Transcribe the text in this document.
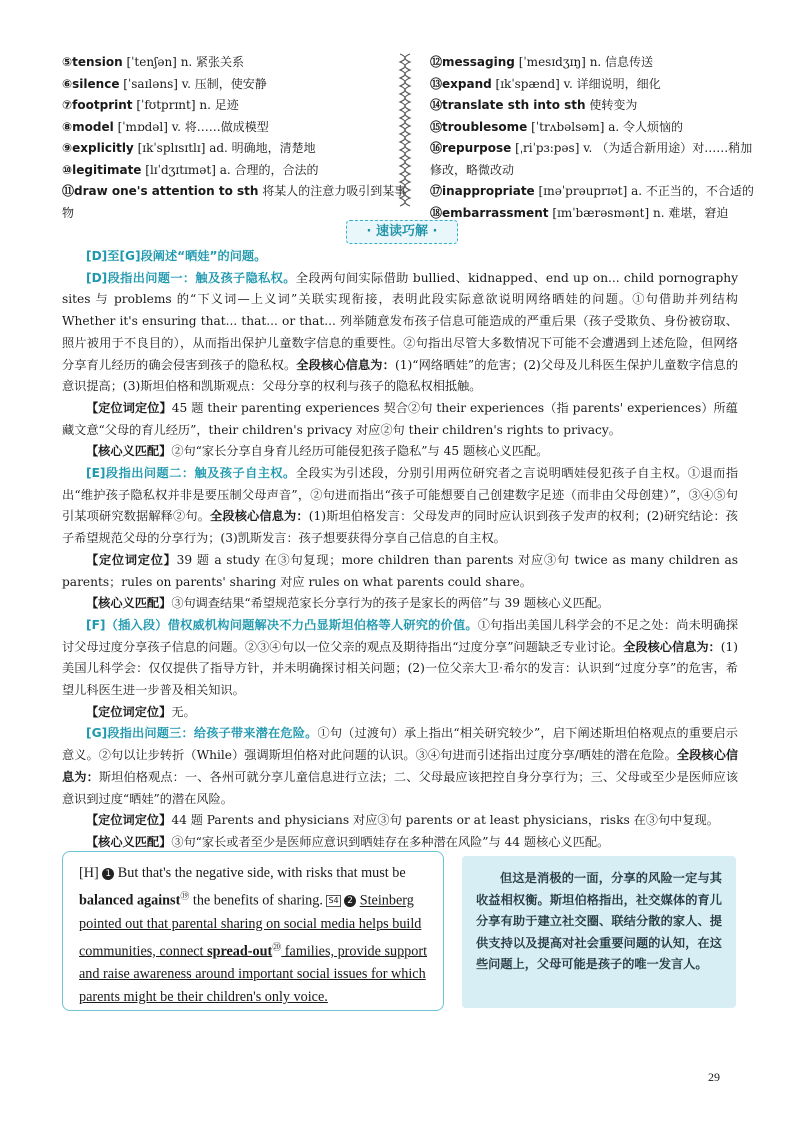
⑤tension [ˈtenʃən] n. 紧张关系
⑥silence [ˈsaɪləns] v. 压制，使安静
⑦footprint [ˈfʊtprɪnt] n. 足迹
⑧model [ˈmɒdəl] v. 将……做成模型
⑨explicitly [ɪkˈsplɪsɪtlɪ] ad. 明确地，清楚地
⑩legitimate [lɪˈdʒɪtɪmət] a. 合理的，合法的
⑪draw one's attention to sth 将某人的注意力吸引到某事物
⑫messaging [ˈmesɪdʒɪŋ] n. 信息传送
⑬expand [ɪkˈspænd] v. 详细说明，细化
⑭translate sth into sth 使转变为
⑮troublesome [ˈtrʌbəlsəm] a. 令人烦恼的
⑯repurpose [ˌriˈpɜ:pəs] v. （为适合新用途）对……稍加修改，略微改动
⑰inappropriate [ɪnəˈprəuprɪət] a. 不正当的，不合适的
⑱embarrassment [ɪmˈbærəsmənt] n. 难堪，窘迫
· 速读巧解 ·

[D]至[G]段阐述“晒娃”的问题。

[D]段指出问题一：触及孩子隐私权。全段两句间实际借助 bullied、kidnapped、end up on... child pornography sites 与 problems 的“下义词—上义词”关联实现衔接，表明此段实际意欲说明网络晒娃的问题。①句借助并列结构 Whether it's ensuring that... that... or that... 列举随意发布孩子信息可能造成的严重后果（孩子受欺负、身份被窃取、照片被用于不良目的），从而指出保护儿童数字信息的重要性。②句指出尽管大多数情况下可能不会遭遇到上述危险，但网络分享育儿经历的确会侵害到孩子的隐私权。全段核心信息为：(1)“网络晒娃”的危害；(2)父母及儿科医生保护儿童数字信息的意识提高；(3)斯坦伯格和凯斯观点：父母分享的权利与孩子的隐私权相抵触。

【定位词定位】45 题 their parenting experiences 契合②句 their experiences（指 parents' experiences）所蕴藏文意“父母的育儿经历”，their children's privacy 对应②句 their children's rights to privacy。

【核心义匹配】②句“家长分享自身育儿经历可能侵犯孩子隐私”与 45 题核心义匹配。

[E]段指出问题二：触及孩子自主权。全段实为引述段，分别引用两位研究者之言说明晒娃侵犯孩子自主权。①退而指出“维护孩子隐私权并非是要压制父母声音”，②句进而指出“孩子可能想要自己创建数字足迹（而非由父母创建）”，③④⑤句引某项研究数据解释②句。全段核心信息为：(1)斯坦伯格发言：父母发声的同时应认识到孩子发声的权利；(2)研究结论：孩子希望规范父母的分享行为；(3)凯斯发言：孩子想要获得分享自己信息的自主权。

【定位词定位】39 题 a study 在③句复现；more children than parents 对应③句 twice as many children as parents；rules on parents' sharing 对应 rules on what parents could share。

【核心义匹配】③句调查结果“希望规范家长分享行为的孩子是家长的两倍”与 39 题核心义匹配。

[F]（插入段）借权威机构问题解决不力凸显斯坦伯格等人研究的价值。①句指出美国儿科学会的不足之处：尚未明确探讨父母过度分享孩子信息的问题。②③④句以一位父亲的观点及期待指出“过度分享”问题缺乏专业讨论。全段核心信息为：(1)美国儿科学会：仅仅提供了指导方针，并未明确探讨相关问题；(2)一位父亲大卫·希尔的发言：认识到“过度分享”的危害，希望儿科医生进一步普及相关知识。

【定位词定位】无。

[G]段指出问题三：给孩子带来潜在危险。①句（过渡句）承上指出“相关研究较少”，启下阐述斯坦伯格观点的重要启示意义。②句以让步转折（While）强调斯坦伯格对此问题的认识。③④句进而引述指出过度分享/晒娃的潜在危险。全段核心信息为：斯坦伯格观点：一、各州可就分享儿童信息进行立法；二、父母最应该把控自身分享行为；三、父母或至少是医师应该意识到过度“晒娃”的潜在风险。

【定位词定位】44 题 Parents and physicians 对应③句 parents or at least physicians，risks 在③句中复现。

【核心义匹配】③句“家长或者至少是医师应意识到晒娃存在多种潜在风险”与 44 题核心义匹配。

[H] 1 But that's the negative side, with risks that must be balanced against⑲ the benefits of sharing. S4 2 Steinberg pointed out that parental sharing on social media helps build communities, connect spread-out⑳ families, provide support and raise awareness around important social issues for which parents might be their children's only voice.

但这是消极的一面，分享的风险一定与其收益相权衡。斯坦伯格指出，社交媒体的育儿分享有助于建立社交圈、联结分散的家人、提供支持以及提高对社会重要问题的认知，在这些问题上，父母可能是孩子的唯一发言人。

29
